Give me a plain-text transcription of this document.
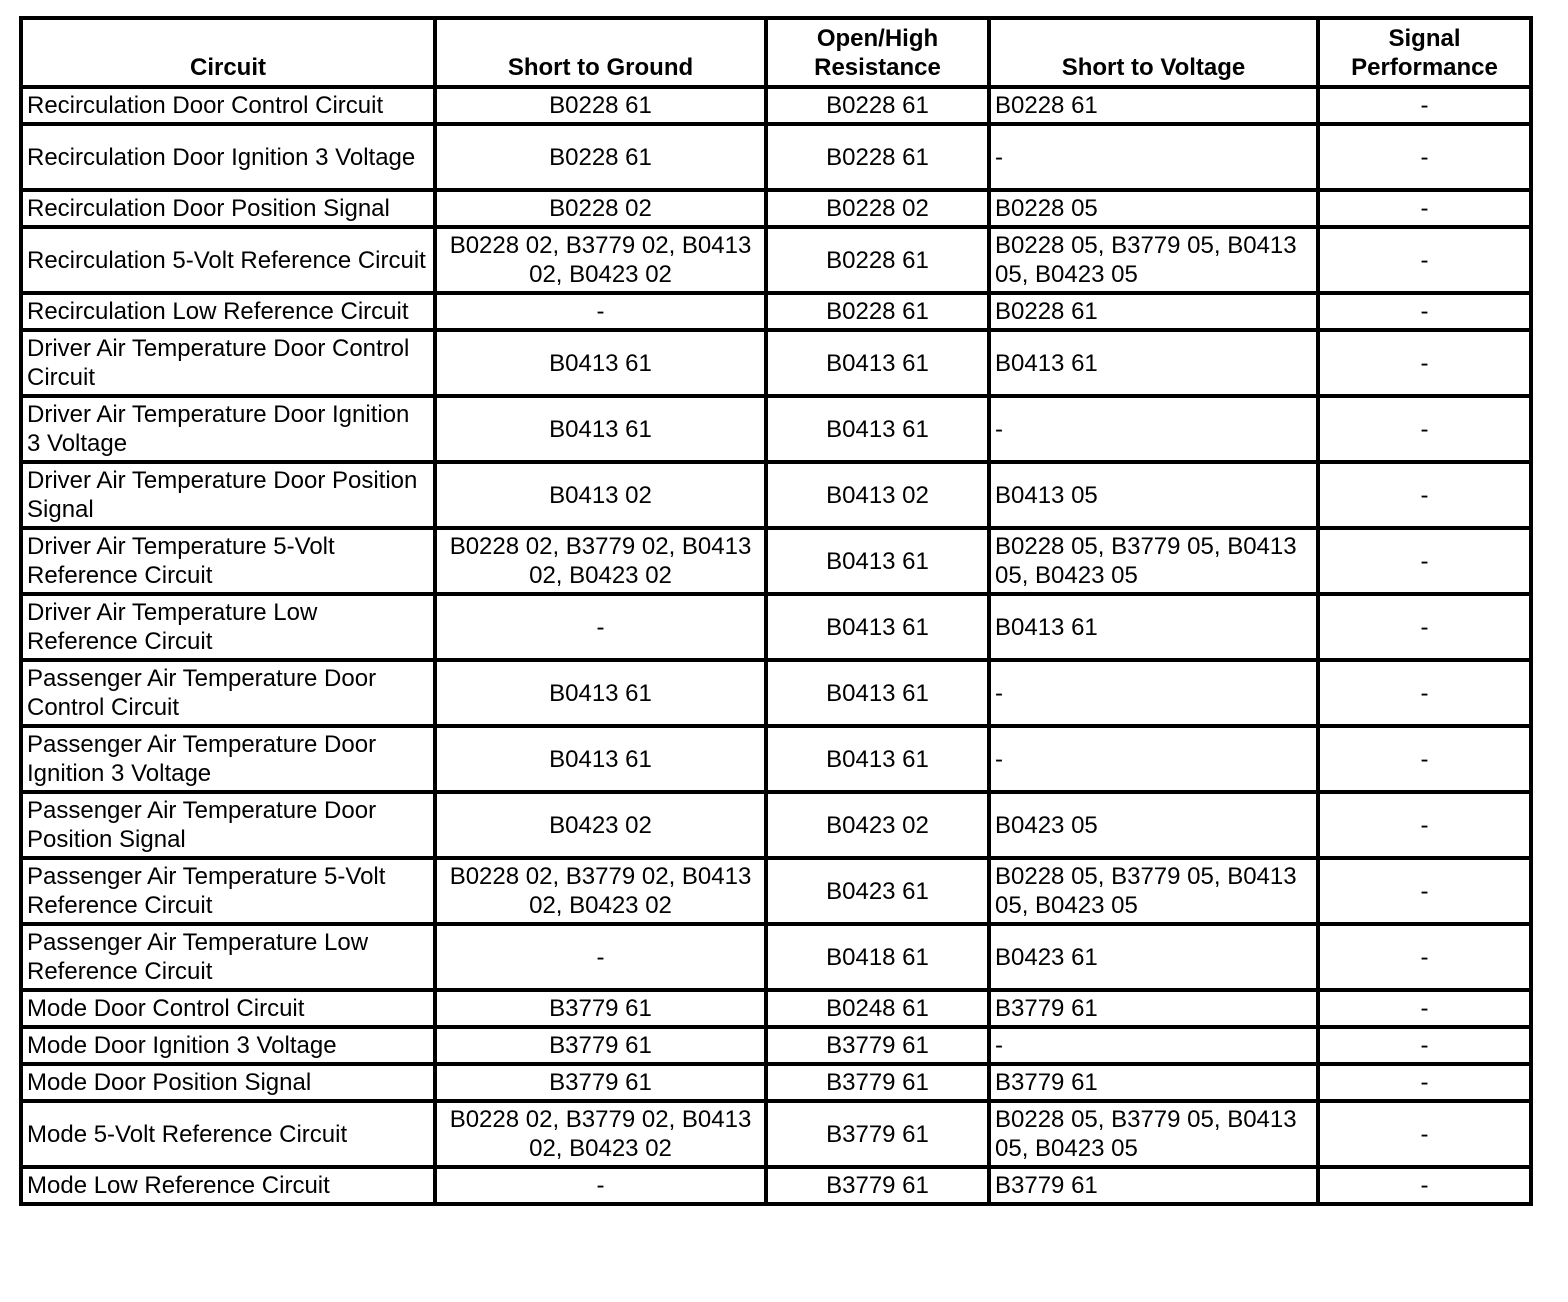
Circuit	Short to Ground	Open/High Resistance	Short to Voltage	Signal Performance
Recirculation Door Control Circuit	B0228 61	B0228 61	B0228 61	-
Recirculation Door Ignition 3 Voltage	B0228 61	B0228 61	-	-
Recirculation Door Position Signal	B0228 02	B0228 02	B0228 05	-
Recirculation 5-Volt Reference Circuit	B0228 02, B3779 02, B0413 02, B0423 02	B0228 61	B0228 05, B3779 05, B0413 05, B0423 05	-
Recirculation Low Reference Circuit	-	B0228 61	B0228 61	-
Driver Air Temperature Door Control Circuit	B0413 61	B0413 61	B0413 61	-
Driver Air Temperature Door Ignition 3 Voltage	B0413 61	B0413 61	-	-
Driver Air Temperature Door Position Signal	B0413 02	B0413 02	B0413 05	-
Driver Air Temperature 5-Volt Reference Circuit	B0228 02, B3779 02, B0413 02, B0423 02	B0413 61	B0228 05, B3779 05, B0413 05, B0423 05	-
Driver Air Temperature Low Reference Circuit	-	B0413 61	B0413 61	-
Passenger Air Temperature Door Control Circuit	B0413 61	B0413 61	-	-
Passenger Air Temperature Door Ignition 3 Voltage	B0413 61	B0413 61	-	-
Passenger Air Temperature Door Position Signal	B0423 02	B0423 02	B0423 05	-
Passenger Air Temperature 5-Volt Reference Circuit	B0228 02, B3779 02, B0413 02, B0423 02	B0423 61	B0228 05, B3779 05, B0413 05, B0423 05	-
Passenger Air Temperature Low Reference Circuit	-	B0418 61	B0423 61	-
Mode Door Control Circuit	B3779 61	B0248 61	B3779 61	-
Mode Door Ignition 3 Voltage	B3779 61	B3779 61	-	-
Mode Door Position Signal	B3779 61	B3779 61	B3779 61	-
Mode 5-Volt Reference Circuit	B0228 02, B3779 02, B0413 02, B0423 02	B3779 61	B0228 05, B3779 05, B0413 05, B0423 05	-
Mode Low Reference Circuit	-	B3779 61	B3779 61	-
